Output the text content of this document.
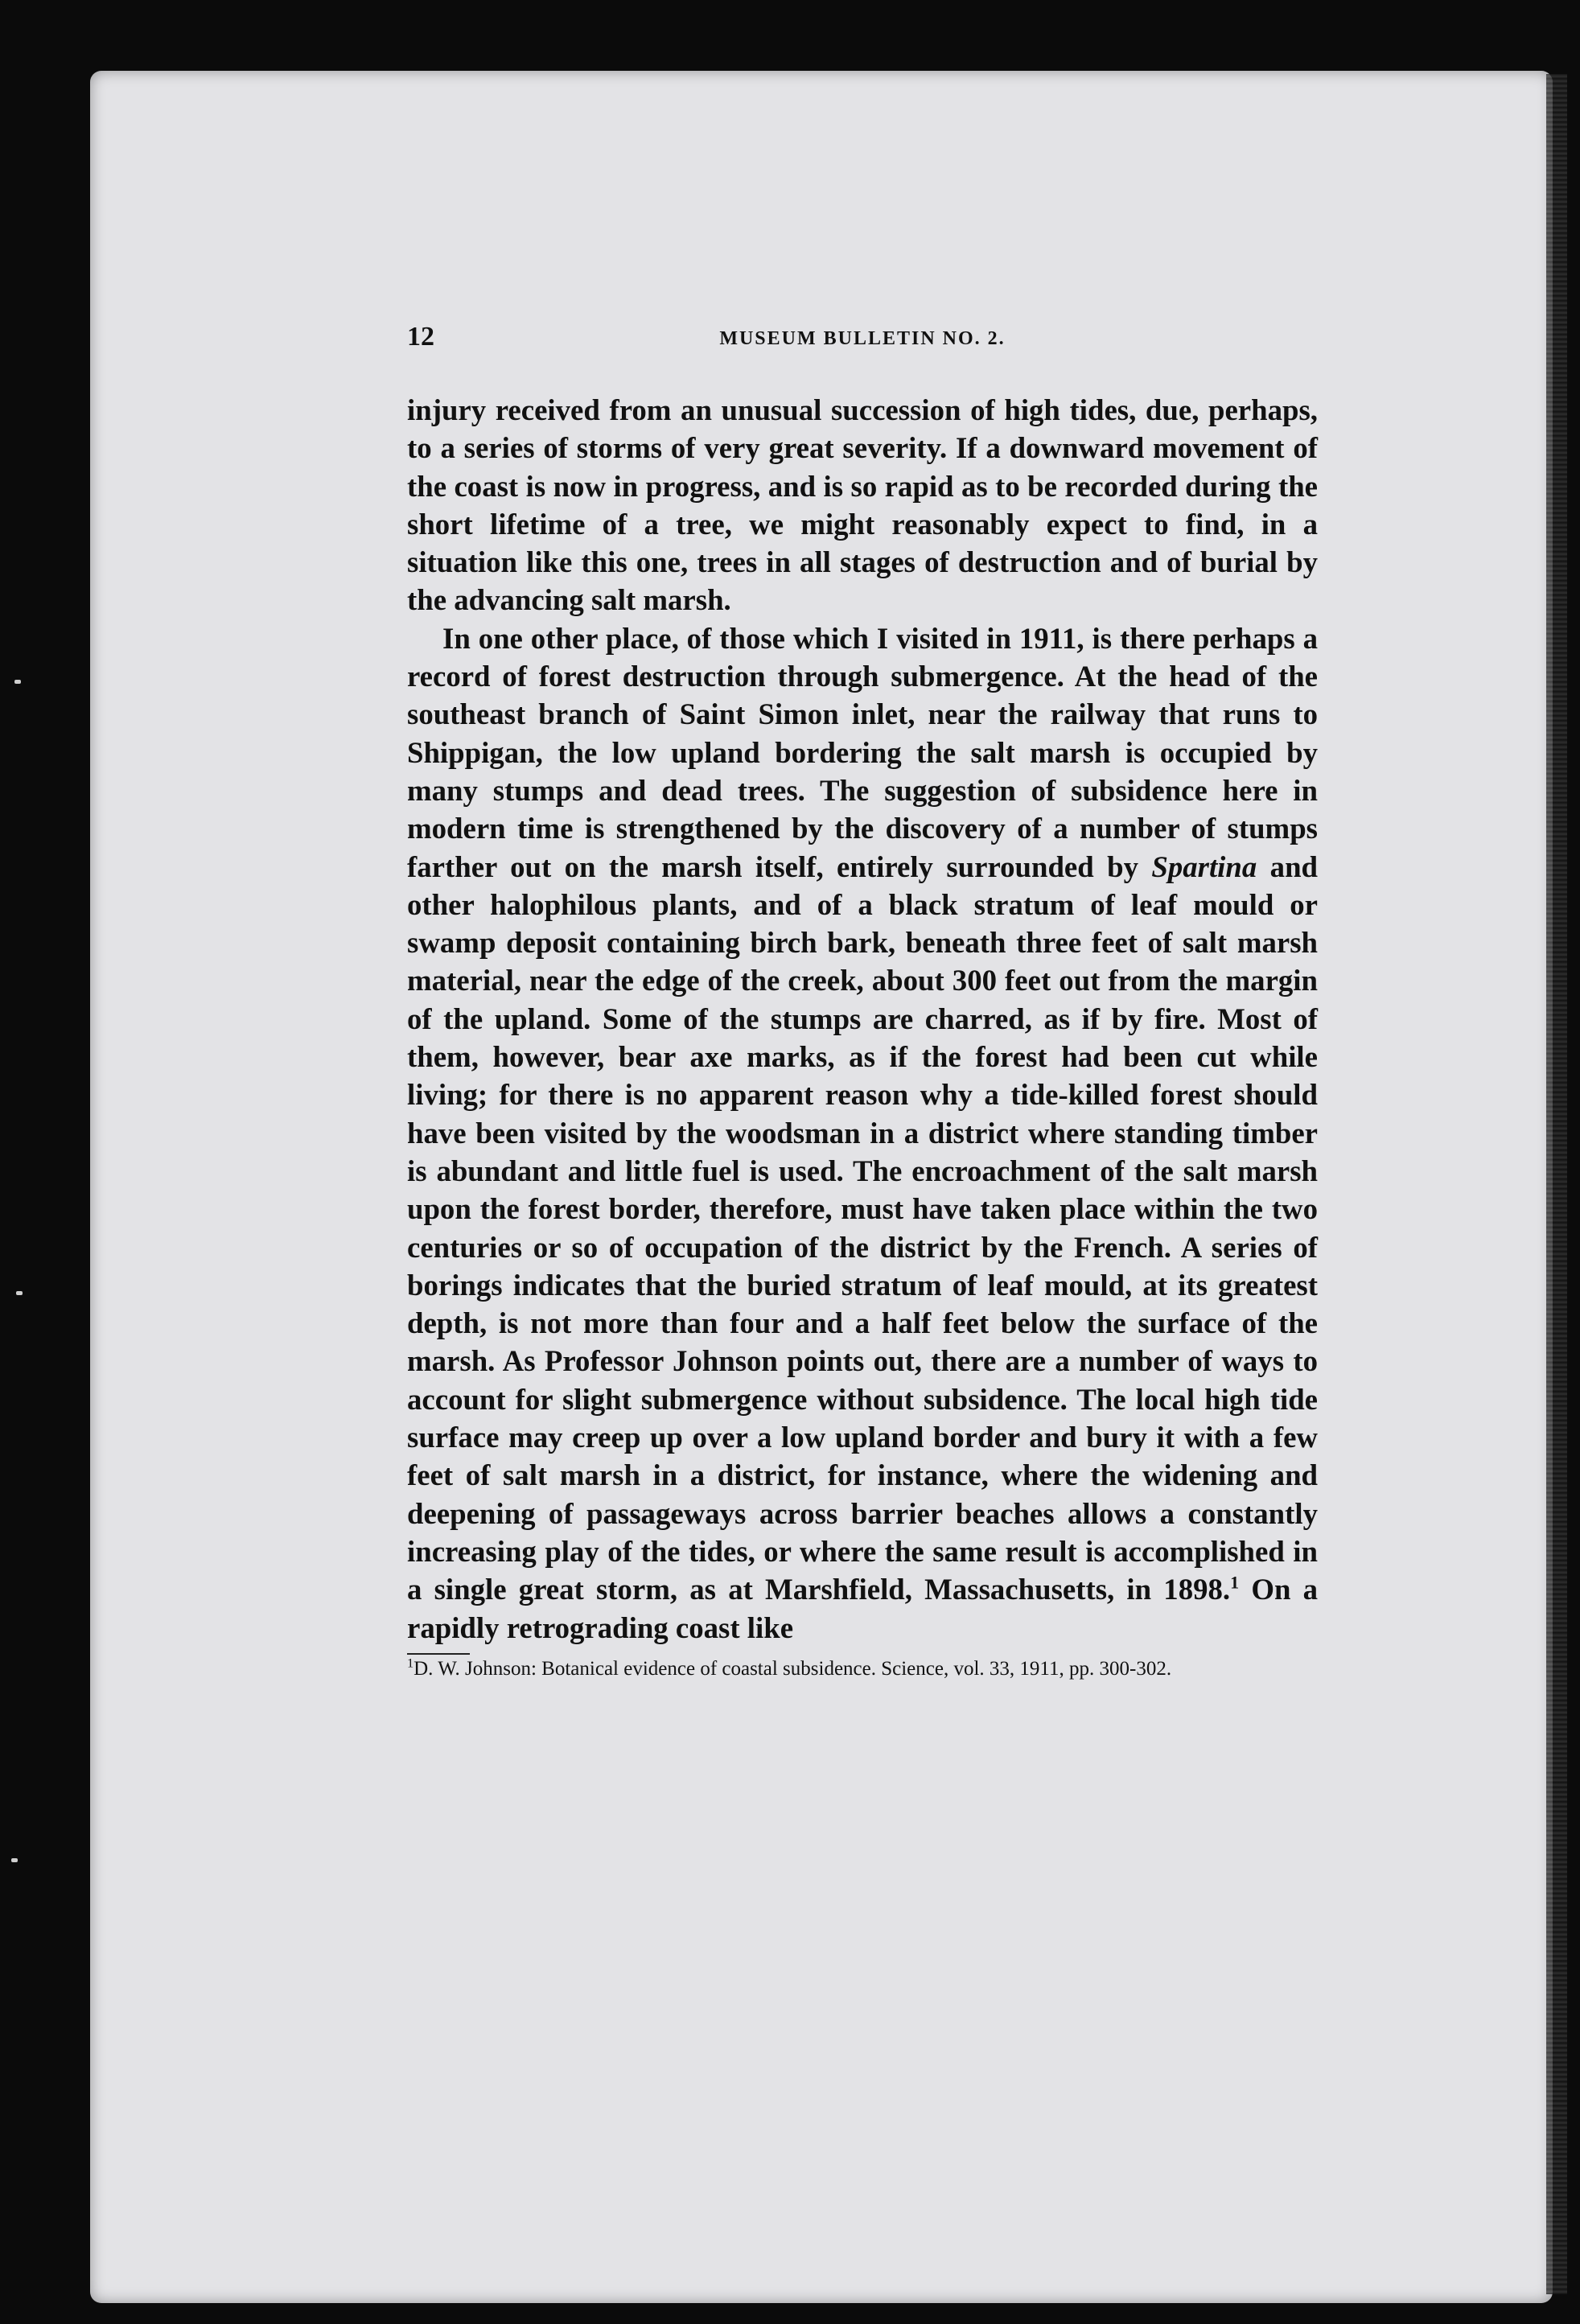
12	MUSEUM BULLETIN NO. 2.

injury received from an unusual succession of high tides, due, perhaps, to a series of storms of very great severity. If a downward movement of the coast is now in progress, and is so rapid as to be recorded during the short lifetime of a tree, we might reasonably expect to find, in a situation like this one, trees in all stages of destruction and of burial by the advancing salt marsh.

In one other place, of those which I visited in 1911, is there perhaps a record of forest destruction through submergence. At the head of the southeast branch of Saint Simon inlet, near the railway that runs to Shippigan, the low upland bordering the salt marsh is occupied by many stumps and dead trees. The suggestion of subsidence here in modern time is strengthened by the discovery of a number of stumps farther out on the marsh itself, entirely surrounded by Spartina and other halophilous plants, and of a black stratum of leaf mould or swamp deposit containing birch bark, beneath three feet of salt marsh material, near the edge of the creek, about 300 feet out from the margin of the upland. Some of the stumps are charred, as if by fire. Most of them, however, bear axe marks, as if the forest had been cut while living; for there is no apparent reason why a tide-killed forest should have been visited by the woodsman in a district where standing timber is abundant and little fuel is used. The encroachment of the salt marsh upon the forest border, therefore, must have taken place within the two centuries or so of occupation of the district by the French. A series of borings indicates that the buried stratum of leaf mould, at its greatest depth, is not more than four and a half feet below the surface of the marsh. As Professor Johnson points out, there are a number of ways to account for slight submergence without subsidence. The local high tide surface may creep up over a low upland border and bury it with a few feet of salt marsh in a district, for instance, where the widening and deepening of passageways across barrier beaches allows a constantly increasing play of the tides, or where the same result is accomplished in a single great storm, as at Marshfield, Massachusetts, in 1898.$^1$ On a rapidly retrograding coast like

$^1$D. W. Johnson: Botanical evidence of coastal subsidence. Science, vol. 33, 1911, pp. 300-302.
